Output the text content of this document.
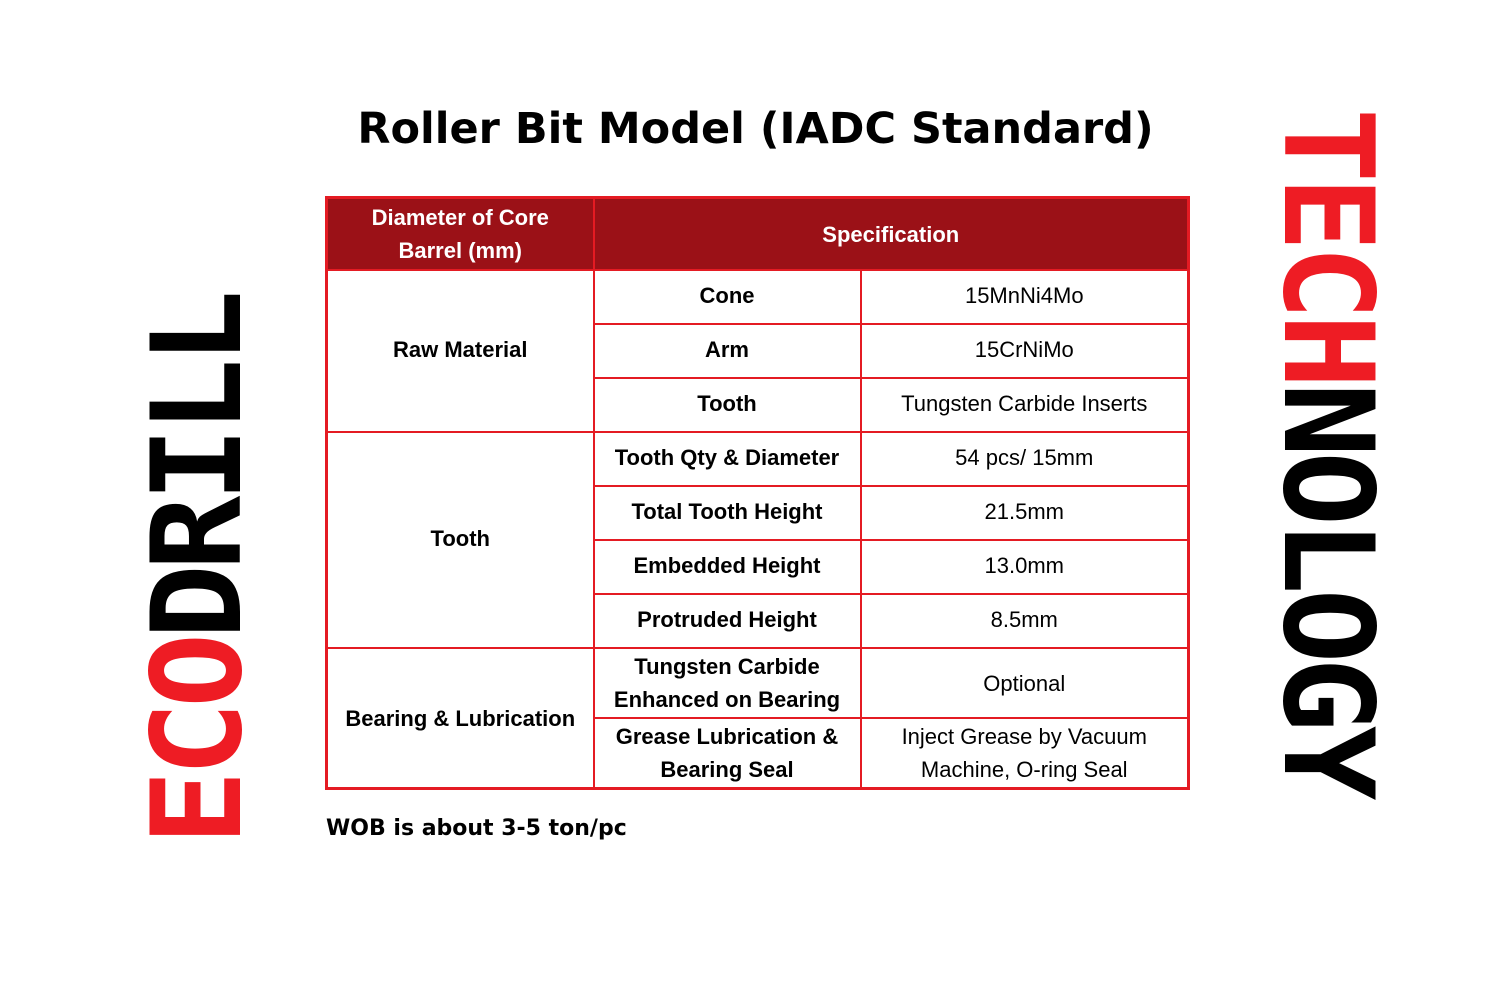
Roller Bit Model (IADC Standard)
ECODRILL
TECHNOLOGY
Diameter of Core Barrel (mm)	Specification	
Raw Material	Cone	15MnNi4Mo
	Arm	15CrNiMo
	Tooth	Tungsten Carbide Inserts
Tooth	Tooth Qty & Diameter	54 pcs/ 15mm
	Total Tooth Height	21.5mm
	Embedded Height	13.0mm
	Protruded Height	8.5mm
Bearing & Lubrication	Tungsten Carbide Enhanced on Bearing	Optional
	Grease Lubrication & Bearing Seal	Inject Grease by Vacuum Machine, O-ring Seal
WOB is about 3-5 ton/pc
